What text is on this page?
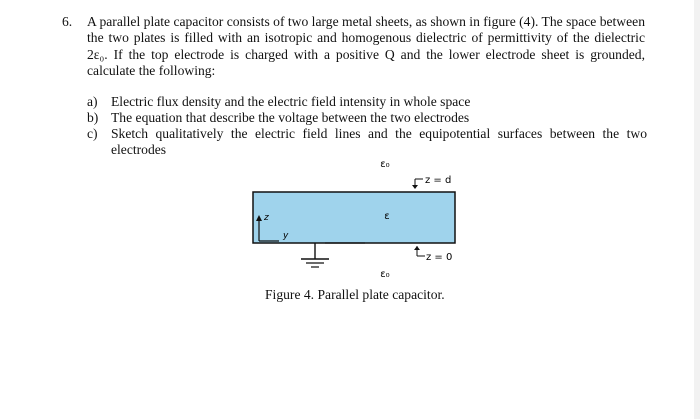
6. A parallel plate capacitor consists of two large metal sheets, as shown in figure (4). The space between the two plates is filled with an isotropic and homogenous dielectric of permittivity of the dielectric 2ε₀. If the top electrode is charged with a positive Q and the lower electrode sheet is grounded, calculate the following:
a) Electric flux density and the electric field intensity in whole space
b) The equation that describe the voltage between the two electrodes
c) Sketch qualitatively the electric field lines and the equipotential surfaces between the two electrodes
ε₀
ε
ε₀
z = d
z = 0
z
y
Figure 4. Parallel plate capacitor.
